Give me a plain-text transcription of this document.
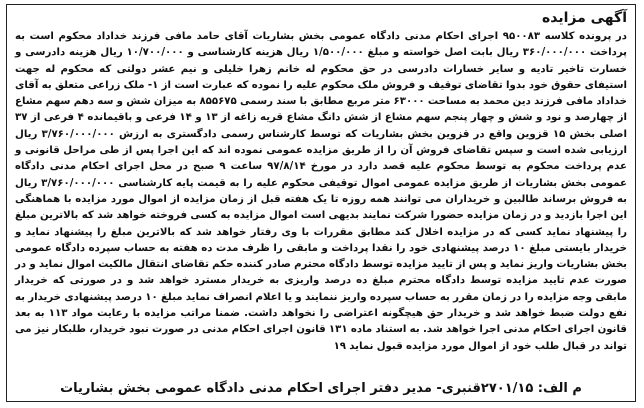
آگهی مزایده

در پرونده کلاسه ۹۵۰۰۸۳ اجرای احکام مدنی دادگاه عمومی بخش بشاریات آقای حامد مافی فرزند خداداد محکوم است به پرداخت ۳۶۰/۰۰۰/۰۰۰ ریال بابت اصل خواسته و مبلغ ۱/۵۰۰/۰۰۰ ریال هزینه کارشناسی و ۱۰/۷۰۰/۰۰۰ ریال هزینه دادرسی و خسارت تاخیر تادیه و سایر خسارات دادرسی در حق محکوم له خانم زهرا خلیلی و نیم عشر دولتی که محکوم له جهت استیفای حقوق خود بدوا تقاضای توقیف و فروش ملک محکوم علیه را نموده که عبارت است از ۱- ملک زراعی متعلق به آقای خداداد مافی فرزند دین محمد به مساحت ۶۳۰۰۰ متر مربع مطابق با سند رسمی ۸۵۵۶۷۵ به میزان شش و سه دهم سهم مشاع از چهارصد و نود و شش و چهار پنجم سهم مشاع از شش دانگ مشاع قریه زاغه از ۱۳ و ۱۴ فرعی و باقیمانده ۴ فرعی از ۳۷ اصلی بخش ۱۵ قزوین واقع در قزوین بخش بشاریات که توسط کارشناس رسمی دادگستری به ارزش ۳/۷۶۰/۰۰۰/۰۰۰ ریال ارزیابی شده است و سپس تقاضای فروش آن را از طریق مزایده عمومی نموده اند که این اجرا پس از طی مراحل قانونی و عدم پرداخت محکوم به توسط محکوم علیه قصد دارد در مورخ ۹۷/۸/۱۴ ساعت ۹ صبح در محل اجرای احکام مدنی دادگاه عمومی بخش بشاریات از طریق مزایده عمومی اموال توقیفی محکوم علیه را به قیمت پایه کارشناسی ۳/۷۶۰/۰۰۰/۰۰۰ ریال به فروش برساند طالبین و خریداران می توانند همه روزه تا یک هفته قبل از زمان مزایده از اموال مورد مزایده با هماهنگی این اجرا بازدید و در زمان مزایده حضورا شرکت نمایند بدیهی است اموال مزایده به کسی فروخته خواهد شد که بالاترین مبلغ را پیشنهاد نماید کسی که در مزایده اخلال کند مطابق مقررات با وی رفتار خواهد شد که بالاترین مبلغ را پیشنهاد نماید و خریدار بایستی مبلغ ۱۰ درصد پیشنهادی خود را نقدا پرداخت و مابقی را ظرف مدت ده هفته به حساب سپرده دادگاه عمومی بخش بشاریات واریز نماید و پس از تایید مزایده توسط دادگاه محترم صادر کننده حکم تقاضای انتقال مالکیت اموال نماید و در صورت عدم تایید مزایده توسط دادگاه محترم مبلغ ده درصد واریزی به خریدار مسترد خواهد شد و در صورتی که خریدار مابقی وجه مزایده را در زمان مقرر به حساب سپرده واریز ننمایند و یا اعلام انصراف نماید مبلغ ۱۰ درصد پیشنهادی خریدار به نفع دولت ضبط خواهد شد و خریدار حق هیچگونه اعتراضی را نخواهد داشت. ضمنا مراتب مزایده با رعایت مواد ۱۱۳ به بعد قانون اجرای احکام مدنی اجرا خواهد شد. به استناد ماده ۱۳۱ قانون اجرای احکام مدنی در صورت نبود خریدار، طلبکار نیز می تواند در قبال طلب خود از اموال مورد مزایده قبول نماید ۱۹

م الف: ۲۷۰۱/۱۵قنبری- مدیر دفتر اجرای احکام مدنی دادگاه عمومی بخش بشاریات
